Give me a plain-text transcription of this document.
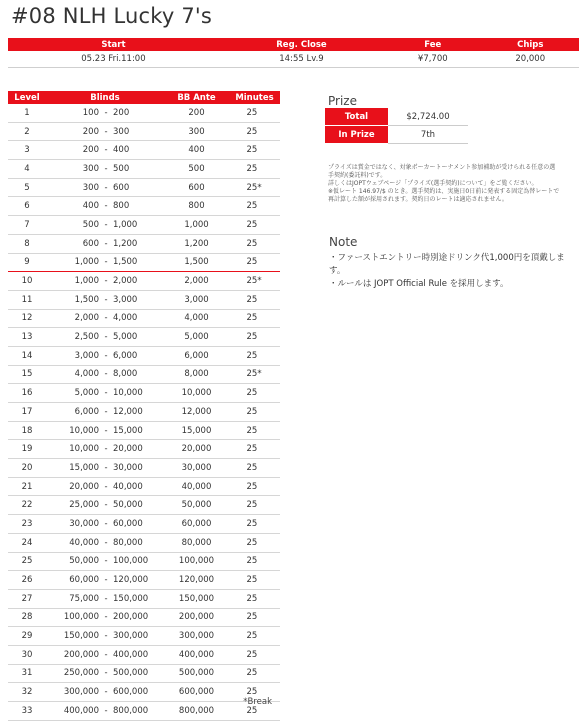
#08 NLH Lucky 7's
Start	Reg. Close	Fee	Chips
05.23 Fri.11:00	14:55 Lv.9	¥7,700	20,000
Level	Blinds	BB Ante	Minutes
1	100 - 200	200	25
2	200 - 300	300	25
3	200 - 400	400	25
4	300 - 500	500	25
5	300 - 600	600	25*
6	400 - 800	800	25
7	500 - 1,000	1,000	25
8	600 - 1,200	1,200	25
9	1,000 - 1,500	1,500	25
10	1,000 - 2,000	2,000	25*
11	1,500 - 3,000	3,000	25
12	2,000 - 4,000	4,000	25
13	2,500 - 5,000	5,000	25
14	3,000 - 6,000	6,000	25
15	4,000 - 8,000	8,000	25*
16	5,000 - 10,000	10,000	25
17	6,000 - 12,000	12,000	25
18	10,000 - 15,000	15,000	25
19	10,000 - 20,000	20,000	25
20	15,000 - 30,000	30,000	25
21	20,000 - 40,000	40,000	25
22	25,000 - 50,000	50,000	25
23	30,000 - 60,000	60,000	25
24	40,000 - 80,000	80,000	25
25	50,000 - 100,000	100,000	25
26	60,000 - 120,000	120,000	25
27	75,000 - 150,000	150,000	25
28	100,000 - 200,000	200,000	25
29	150,000 - 300,000	300,000	25
30	200,000 - 400,000	400,000	25
31	250,000 - 500,000	500,000	25
32	300,000 - 600,000	600,000	25
33	400,000 - 800,000	800,000	25
*Break
Prize
Total	$2,724.00
In Prize	7th
プライズは賞金ではなく、対象ポーカートーナメント参加補助が受けられる任意の選
手契約(委託料)です。
詳しくはJOPTウェブページ「プライズ(選手契約)について」をご覧ください。
※仮レート 146.97/$ のとき。選手契約は、実施日0日前に発表する固定為替レートで
再計算した額が採用されます。契約日のレートは適応されません。
Note
・ファーストエントリー時別途ドリンク代1,000円を頂戴しま
す。
・ルールは JOPT Official Rule を採用します。
